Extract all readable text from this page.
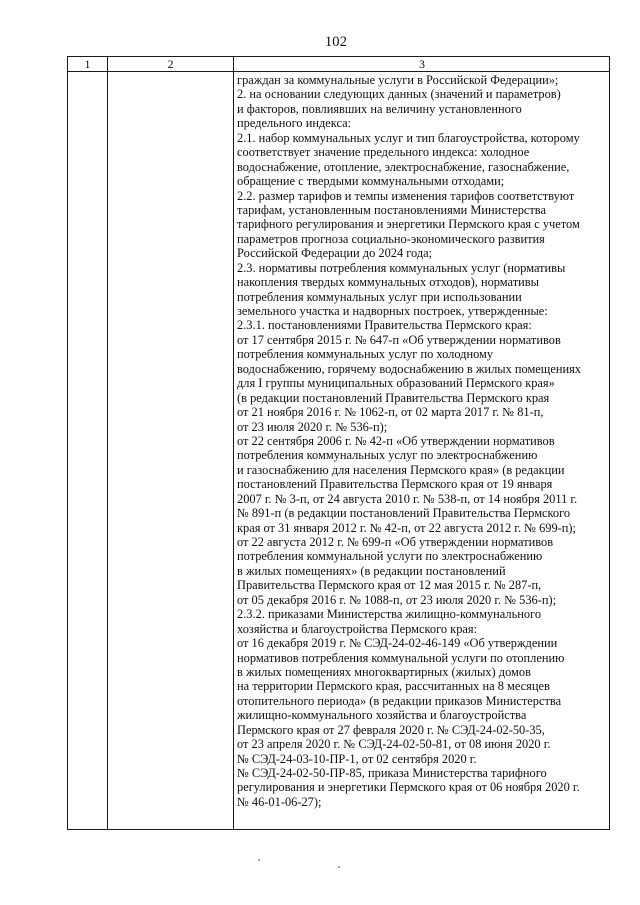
102
1	2	3
граждан за коммунальные услуги в Российской Федерации»;
2. на основании следующих данных (значений и параметров)
и факторов, повлиявших на величину установленного
предельного индекса:
2.1. набор коммунальных услуг и тип благоустройства, которому
соответствует значение предельного индекса: холодное
водоснабжение, отопление, электроснабжение, газоснабжение,
обращение с твердыми коммунальными отходами;
2.2. размер тарифов и темпы изменения тарифов соответствуют
тарифам, установленным постановлениями Министерства
тарифного регулирования и энергетики Пермского края с учетом
параметров прогноза социально-экономического развития
Российской Федерации до 2024 года;
2.3. нормативы потребления коммунальных услуг (нормативы
накопления твердых коммунальных отходов), нормативы
потребления коммунальных услуг при использовании
земельного участка и надворных построек, утвержденные:
2.3.1. постановлениями Правительства Пермского края:
от 17 сентября 2015 г. № 647-п «Об утверждении нормативов
потребления коммунальных услуг по холодному
водоснабжению, горячему водоснабжению в жилых помещениях
для I группы муниципальных образований Пермского края»
(в редакции постановлений Правительства Пермского края
от 21 ноября 2016 г. № 1062-п, от 02 марта 2017 г. № 81-п,
от 23 июля 2020 г. № 536-п);
от 22 сентября 2006 г. № 42-п «Об утверждении нормативов
потребления коммунальных услуг по электроснабжению
и газоснабжению для населения Пермского края» (в редакции
постановлений Правительства Пермского края от 19 января
2007 г. № 3-п, от 24 августа 2010 г. № 538-п, от 14 ноября 2011 г.
№ 891-п (в редакции постановлений Правительства Пермского
края от 31 января 2012 г. № 42-п, от 22 августа 2012 г. № 699-п);
от 22 августа 2012 г. № 699-п «Об утверждении нормативов
потребления коммунальной услуги по электроснабжению
в жилых помещениях» (в редакции постановлений
Правительства Пермского края от 12 мая 2015 г. № 287-п,
от 05 декабря 2016 г. № 1088-п, от 23 июля 2020 г. № 536-п);
2.3.2. приказами Министерства жилищно-коммунального
хозяйства и благоустройства Пермского края:
от 16 декабря 2019 г. № СЭД-24-02-46-149 «Об утверждении
нормативов потребления коммунальной услуги по отоплению
в жилых помещениях многоквартирных (жилых) домов
на территории Пермского края, рассчитанных на 8 месяцев
отопительного периода» (в редакции приказов Министерства
жилищно-коммунального хозяйства и благоустройства
Пермского края от 27 февраля 2020 г. № СЭД-24-02-50-35,
от 23 апреля 2020 г. № СЭД-24-02-50-81, от 08 июня 2020 г.
№ СЭД-24-03-10-ПР-1, от 02 сентября 2020 г.
№ СЭД-24-02-50-ПР-85, приказа Министерства тарифного
регулирования и энергетики Пермского края от 06 ноября 2020 г.
№ 46-01-06-27);
